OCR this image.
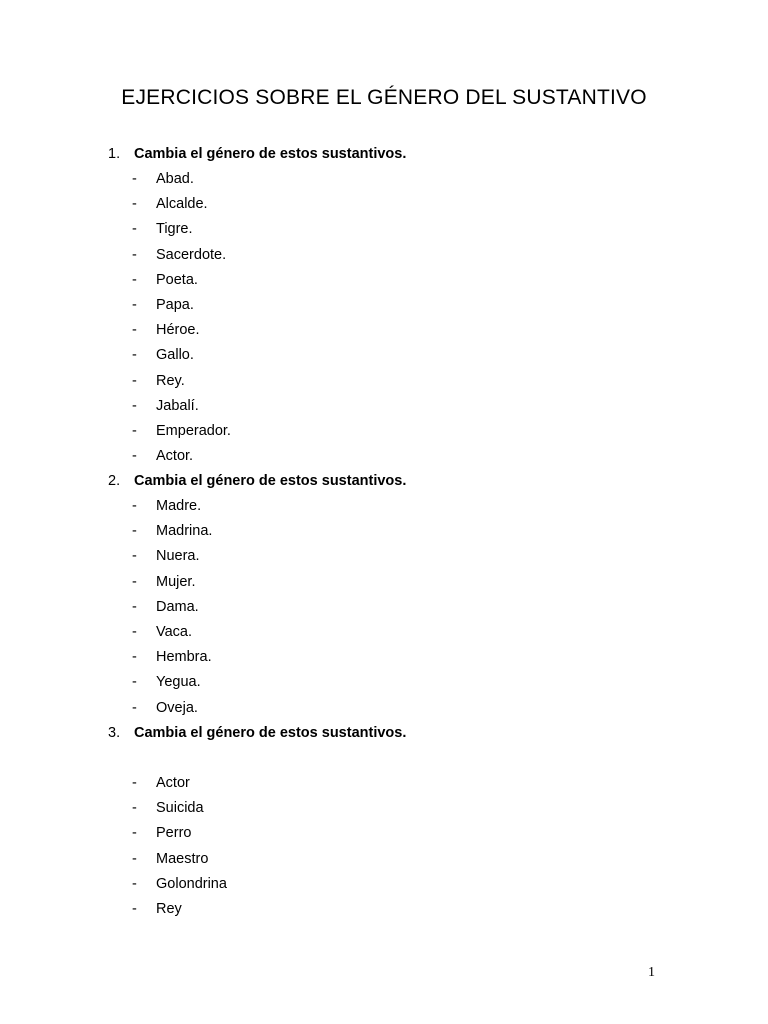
EJERCICIOS SOBRE EL GÉNERO DEL SUSTANTIVO
1. Cambia el género de estos sustantivos.
- Abad.
- Alcalde.
- Tigre.
- Sacerdote.
- Poeta.
- Papa.
- Héroe.
- Gallo.
- Rey.
- Jabalí.
- Emperador.
- Actor.
2. Cambia el género de estos sustantivos.
- Madre.
- Madrina.
- Nuera.
- Mujer.
- Dama.
- Vaca.
- Hembra.
- Yegua.
- Oveja.
3. Cambia el género de estos sustantivos.
- Actor
- Suicida
- Perro
- Maestro
- Golondrina
- Rey
1
